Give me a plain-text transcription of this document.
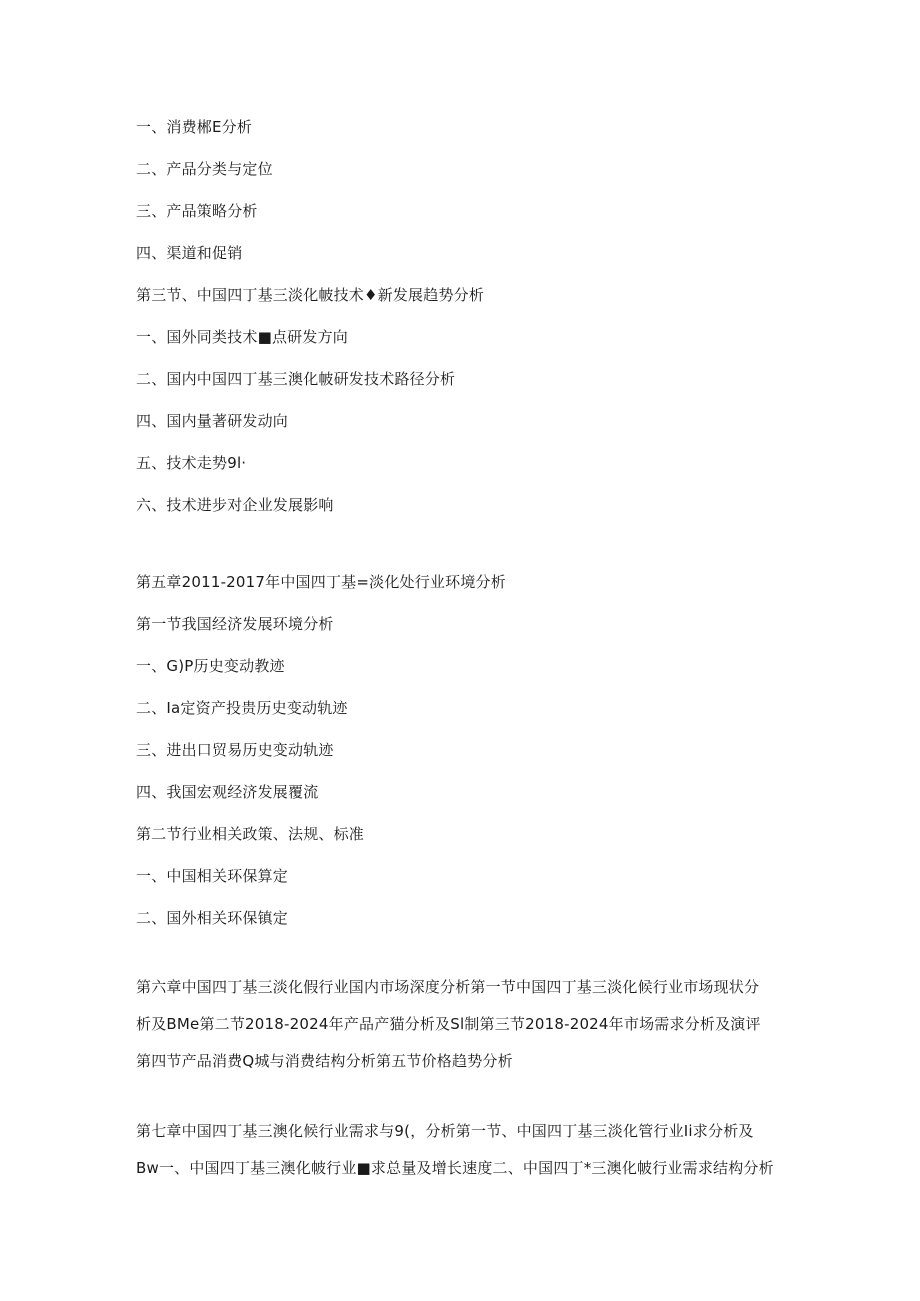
一、消费郴E分析
二、产品分类与定位
三、产品策略分析
四、渠道和促销
第三节、中国四丁基三淡化帔技术♦新发展趋势分析
一、国外同类技术■点研发方向
二、国内中国四丁基三澳化帔研发技术路径分析
四、国内量著研发动向
五、技术走势9l·
六、技术进步对企业发展影响
第五章2011-2017年中国四丁基=淡化处行业环境分析
第一节我国经济发展环境分析
一、G)P历史变动教迹
二、Ia定资产投贵历史变动轨迹
三、进出口贸易历史变动轨迹
四、我国宏观经济发展覆流
第二节行业相关政策、法规、标准
一、中国相关环保算定
二、国外相关环保镇定
第六章中国四丁基三淡化假行业国内市场深度分析第一节中国四丁基三淡化候行业市场现状分
析及BMe第二节2018-2024年产品产猫分析及Sl制第三节2018-2024年市场需求分析及演评
第四节产品消费Q城与消费结构分析第五节价格趋势分析
第七章中国四丁基三澳化候行业需求与9(，分析第一节、中国四丁基三淡化管行业Ii求分析及
Bw一、中国四丁基三澳化帔行业■求总量及增长速度二、中国四丁*三澳化帔行业需求结构分析
